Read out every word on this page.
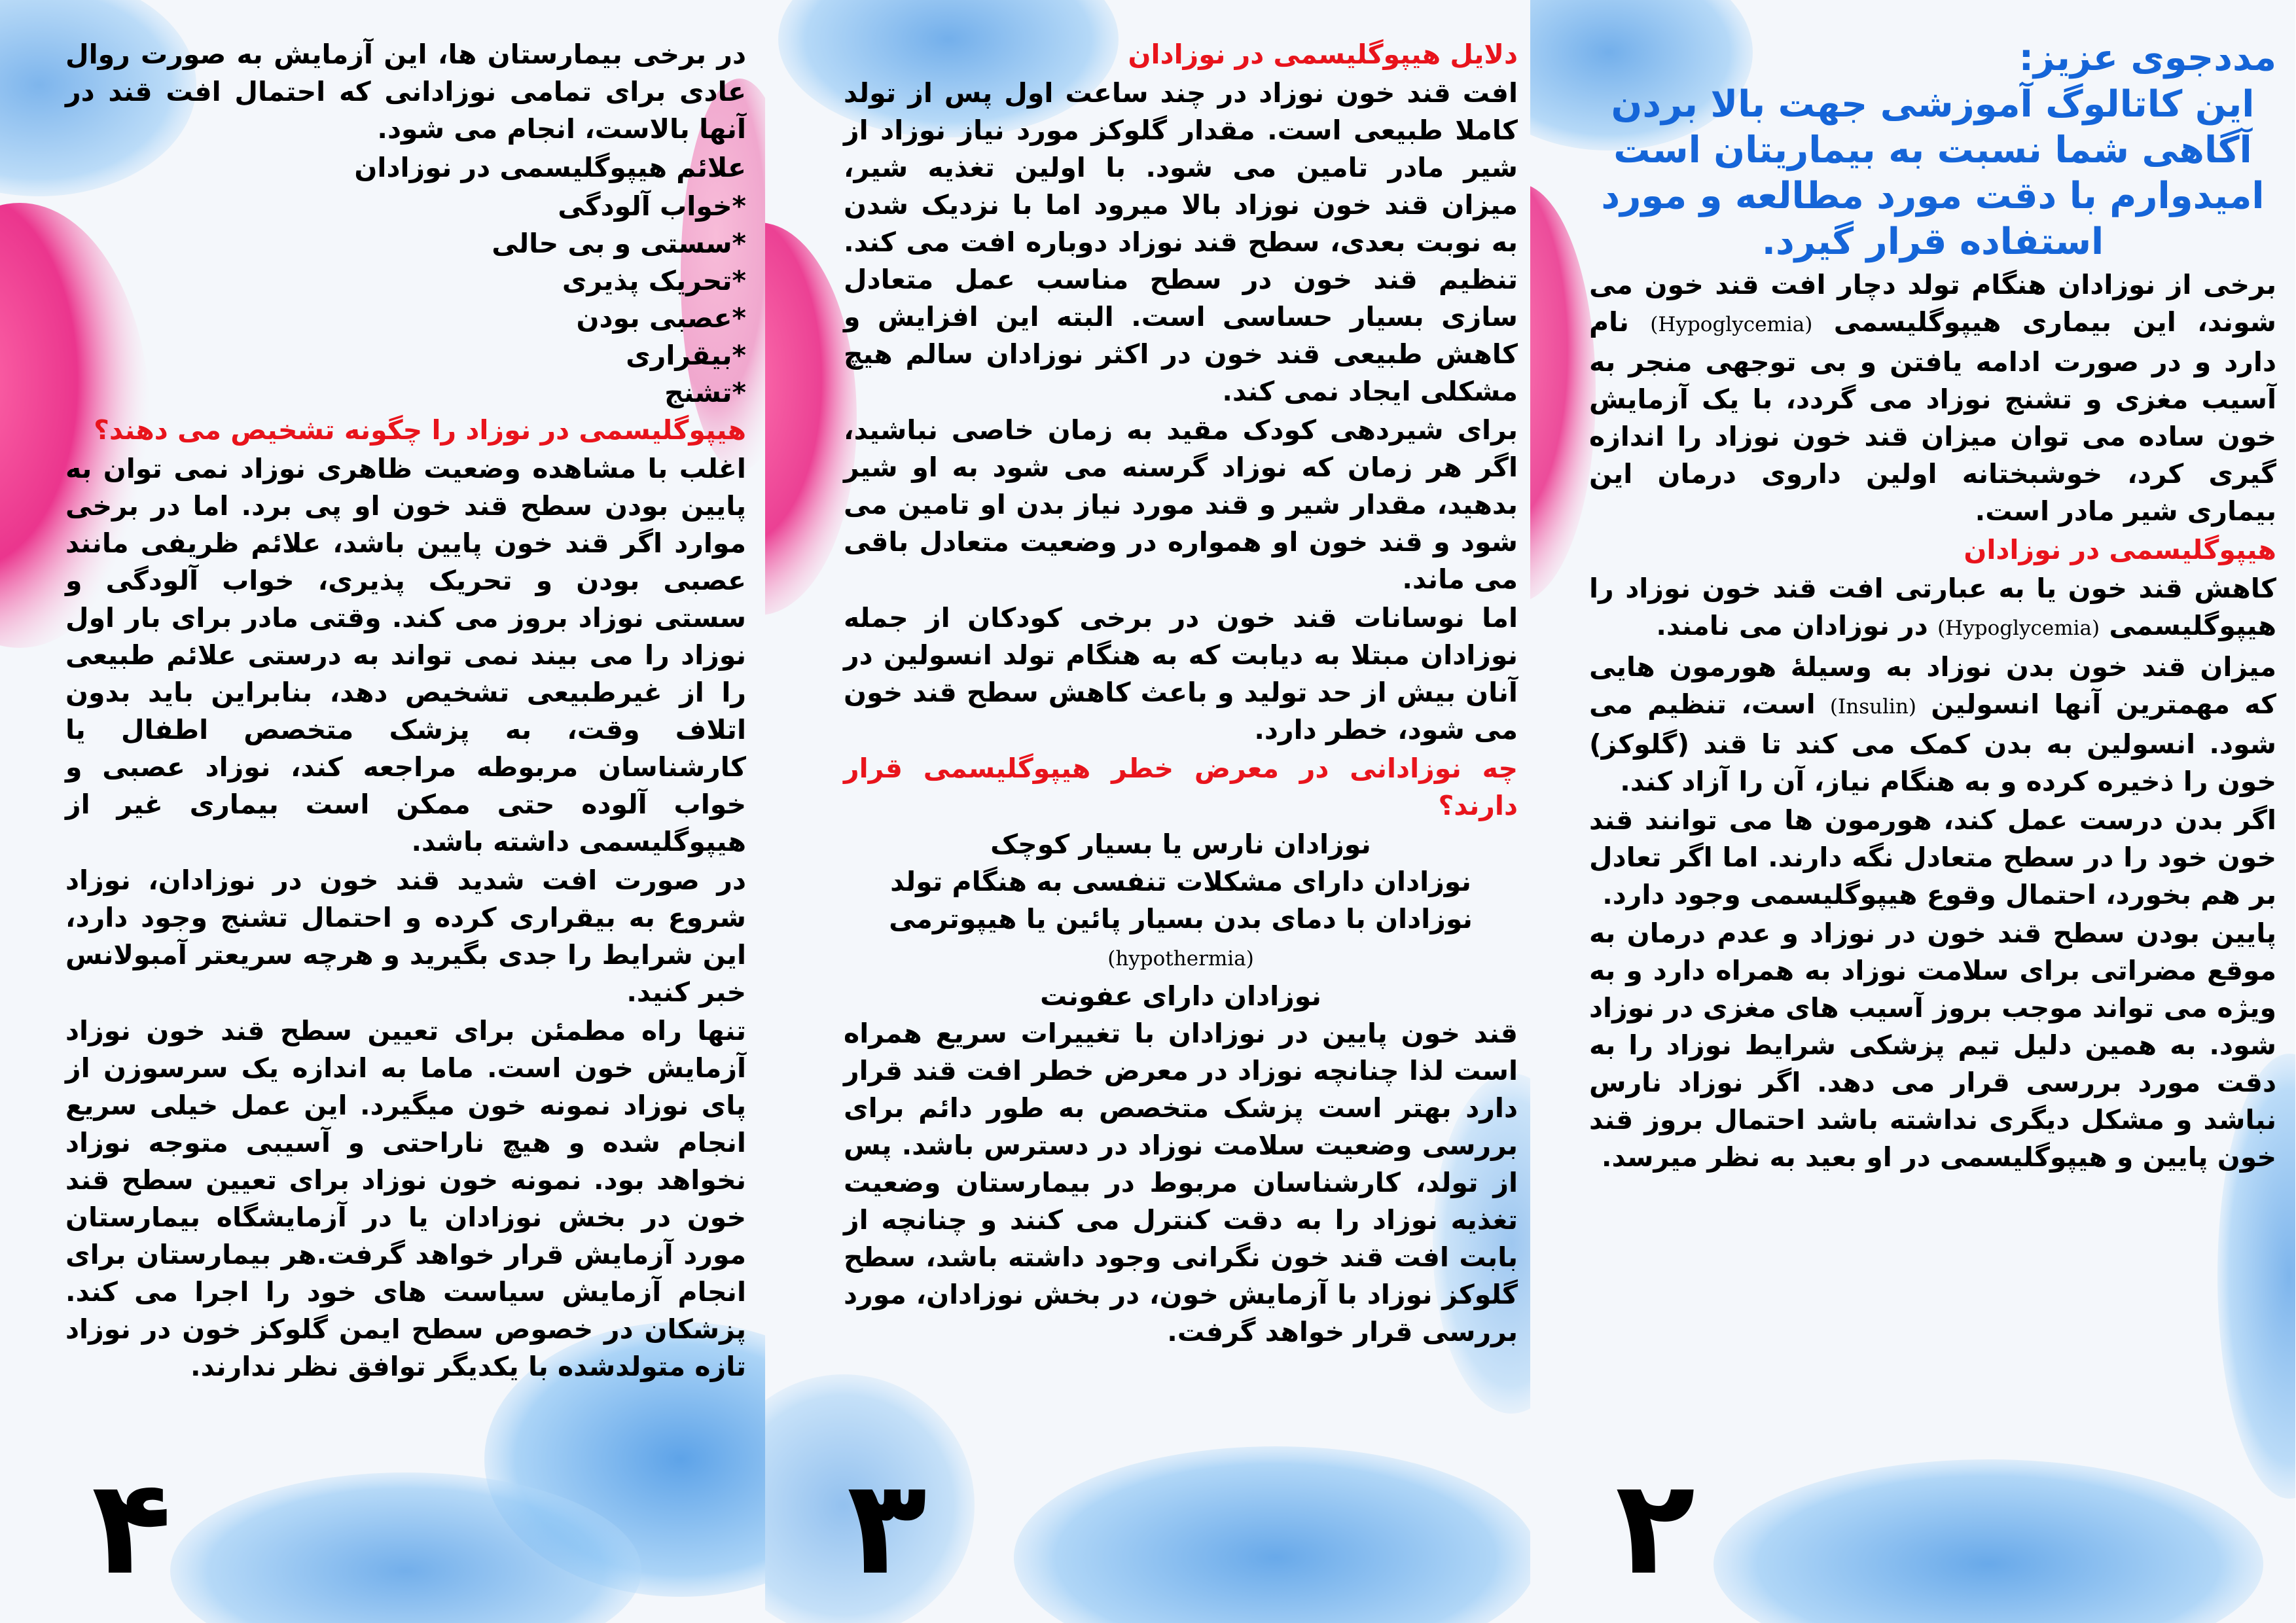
در برخی بیمارستان ها، این آزمایش به صورت روال عادی برای تمامی نوزادانی که احتمال افت قند در آنها بالاست، انجام می شود.

علائم هیپوگلیسمی در نوزادان

*خواب آلودگی

*سستی و بی حالی

*تحریک پذیری

*عصبی بودن

*بیقراری

*تشنج

هیپوگلیسمی در نوزاد را چگونه تشخیص می دهند؟

اغلب با مشاهده وضعیت ظاهری نوزاد نمی توان به پایین بودن سطح قند خون او پی برد. اما در برخی موارد اگر قند خون پایین باشد، علائم ظریفی مانند عصبی بودن و تحریک پذیری، خواب آلودگی و سستی نوزاد بروز می کند. وقتی مادر برای بار اول نوزاد را می بیند نمی تواند به درستی علائم طبیعی را از غیرطبیعی تشخیص دهد، بنابراین باید بدون اتلاف وقت، به پزشک متخصص اطفال یا کارشناسان مربوطه مراجعه کند، نوزاد عصبی و خواب آلوده حتی ممکن است بیماری غیر از هیپوگلیسمی داشته باشد.

در صورت افت شدید قند خون در نوزادان، نوزاد شروع به بیقراری کرده و احتمال تشنج وجود دارد، این شرایط را جدی بگیرید و هرچه سریعتر آمبولانس خبر کنید.

تنها راه مطمئن برای تعیین سطح قند خون نوزاد آزمایش خون است. ماما به اندازه یک سرسوزن از پای نوزاد نمونه خون میگیرد. این عمل خیلی سریع انجام شده و هیچ ناراحتی و آسیبی متوجه نوزاد نخواهد بود. نمونه خون نوزاد برای تعیین سطح قند خون در بخش نوزادان یا در آزمایشگاه بیمارستان مورد آزمایش قرار خواهد گرفت.هر بیمارستان برای انجام آزمایش سیاست های خود را اجرا می کند. پزشکان در خصوص سطح ایمن گلوکز خون در نوزاد تازه متولدشده با یکدیگر توافق نظر ندارند.

۴

دلایل هیپوگلیسمی در نوزادان

افت قند خون نوزاد در چند ساعت اول پس از تولد کاملا طبیعی است. مقدار گلوکز مورد نیاز نوزاد از شیر مادر تامین می شود. با اولین تغذیه شیر، میزان قند خون نوزاد بالا میرود اما با نزدیک شدن به نوبت بعدی، سطح قند نوزاد دوباره افت می کند. تنظیم قند خون در سطح مناسب عمل متعادل سازی بسیار حساسی است. البته این افزایش و کاهش طبیعی قند خون در اکثر نوزادان سالم هیچ مشکلی ایجاد نمی کند.

برای شیردهی کودک مقید به زمان خاصی نباشید، اگر هر زمان که نوزاد گرسنه می شود به او شیر بدهید، مقدار شیر و قند مورد نیاز بدن او تامین می شود و قند خون او همواره در وضعیت متعادل باقی می ماند.

اما نوسانات قند خون در برخی کودکان از جمله نوزادان مبتلا به دیابت که به هنگام تولد انسولین در آنان بیش از حد تولید و باعث کاهش سطح قند خون می شود، خطر دارد.

چه نوزادانی در معرض خطر هیپوگلیسمی قرار دارند؟

نوزادان نارس یا بسیار کوچک

نوزادان دارای مشکلات تنفسی به هنگام تولد

نوزادان با دمای بدن بسیار پائین یا هیپوترمی (hypothermia)

نوزادان دارای عفونت

قند خون پایین در نوزادان با تغییرات سریع همراه است لذا چنانچه نوزاد در معرض خطر افت قند قرار دارد بهتر است پزشک متخصص به طور دائم برای بررسی وضعیت سلامت نوزاد در دسترس باشد. پس از تولد، کارشناسان مربوط در بیمارستان وضعیت تغذیه نوزاد را به دقت کنترل می کنند و چنانچه از بابت افت قند خون نگرانی وجود داشته باشد، سطح گلوکز نوزاد با آزمایش خون، در بخش نوزادان، مورد بررسی قرار خواهد گرفت.

۳

مددجوی عزیز:

این کاتالوگ آموزشی جهت بالا بردن آگاهی شما نسبت به بیماریتان است امیدوارم با دقت مورد مطالعه و مورد استفاده قرار گیرد.

برخی از نوزادان هنگام تولد دچار افت قند خون می شوند، این بیماری هیپوگلیسمی (Hypoglycemia) نام دارد و در صورت ادامه یافتن و بی توجهی منجر به آسیب مغزی و تشنج نوزاد می گردد، با یک آزمایش خون ساده می توان میزان قند خون نوزاد را اندازه گیری کرد، خوشبختانه اولین داروی درمان این بیماری شیر مادر است.

هیپوگلیسمی در نوزادان

کاهش قند خون یا به عبارتی افت قند خون نوزاد را هیپوگلیسمی (Hypoglycemia) در نوزادان می نامند.

میزان قند خون بدن نوزاد به وسیلهٔ هورمون هایی که مهمترین آنها انسولین (Insulin) است، تنظیم می شود. انسولین به بدن کمک می کند تا قند (گلوکز) خون را ذخیره کرده و به هنگام نیاز، آن را آزاد کند.

اگر بدن درست عمل کند، هورمون ها می توانند قند خون خود را در سطح متعادل نگه دارند. اما اگر تعادل بر هم بخورد، احتمال وقوع هیپوگلیسمی وجود دارد.

پایین بودن سطح قند خون در نوزاد و عدم درمان به موقع مضراتی برای سلامت نوزاد به همراه دارد و به ویژه می تواند موجب بروز آسیب های مغزی در نوزاد شود. به همین دلیل تیم پزشکی شرایط نوزاد را به دقت مورد بررسی قرار می دهد. اگر نوزاد نارس نباشد و مشکل دیگری نداشته باشد احتمال بروز قند خون پایین و هیپوگلیسمی در او بعید به نظر میرسد.

۲
